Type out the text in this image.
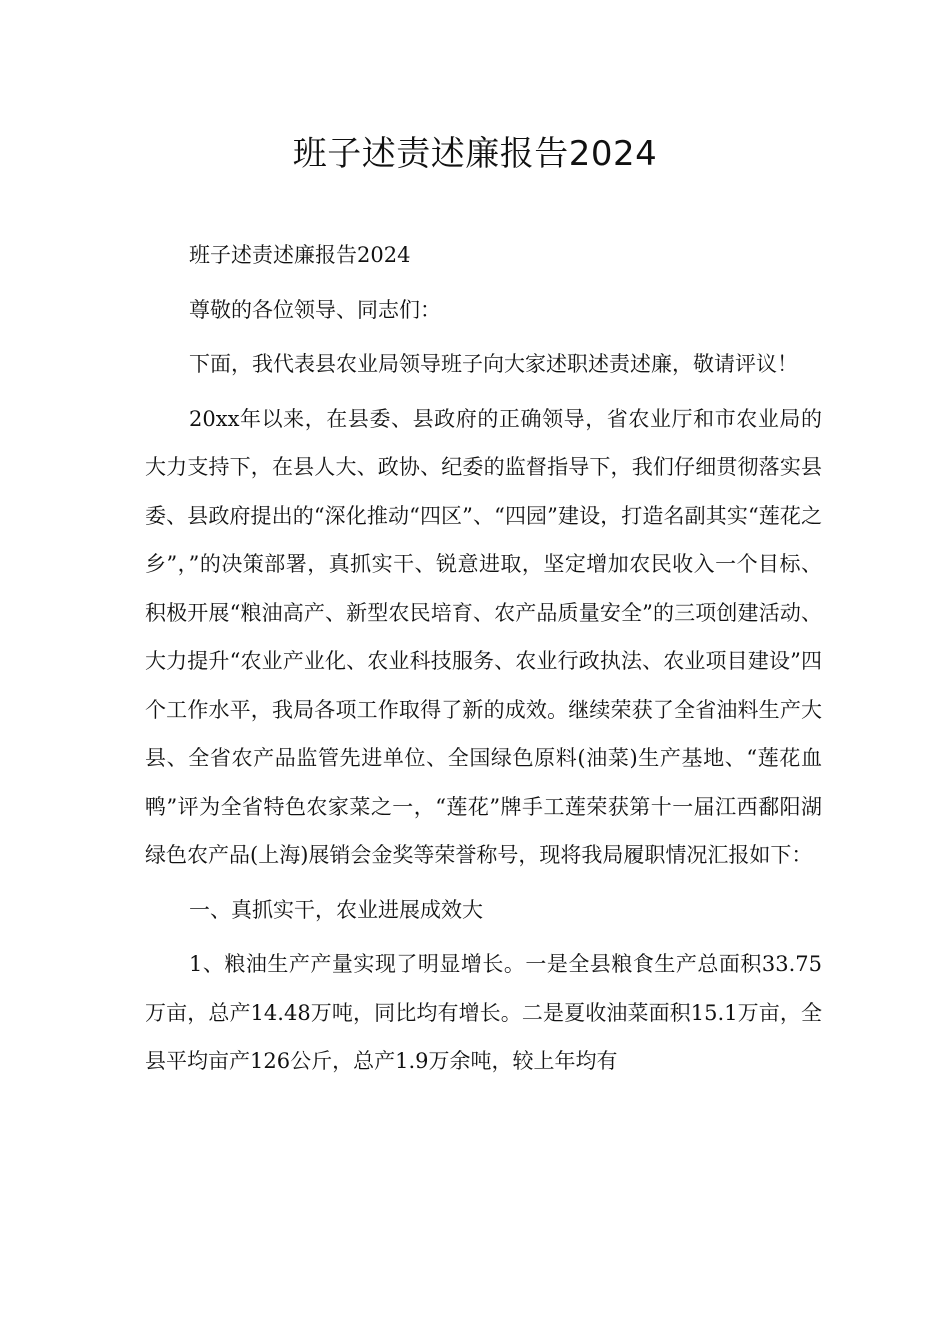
班子述责述廉报告2024

班子述责述廉报告2024

尊敬的各位领导、同志们：

下面，我代表县农业局领导班子向大家述职述责述廉，敬请评议！

20xx年以来，在县委、县政府的正确领导，省农业厅和市农业局的大力支持下，在县人大、政协、纪委的监督指导下，我们仔细贯彻落实县委、县政府提出的“深化推动“四区”、“四园”建设，打造名副其实“莲花之乡”，”的决策部署，真抓实干、锐意进取，坚定增加农民收入一个目标、积极开展“粮油高产、新型农民培育、农产品质量安全”的三项创建活动、大力提升“农业产业化、农业科技服务、农业行政执法、农业项目建设”四个工作水平，我局各项工作取得了新的成效。继续荣获了全省油料生产大县、全省农产品监管先进单位、全国绿色原料(油菜)生产基地、“莲花血鸭”评为全省特色农家菜之一，“莲花”牌手工莲荣获第十一届江西鄱阳湖绿色农产品(上海)展销会金奖等荣誉称号，现将我局履职情况汇报如下：

一、真抓实干，农业进展成效大

1、粮油生产产量实现了明显增长。一是全县粮食生产总面积33.75万亩，总产14.48万吨，同比均有增长。二是夏收油菜面积15.1万亩，全县平均亩产126公斤，总产1.9万余吨，较上年均有
